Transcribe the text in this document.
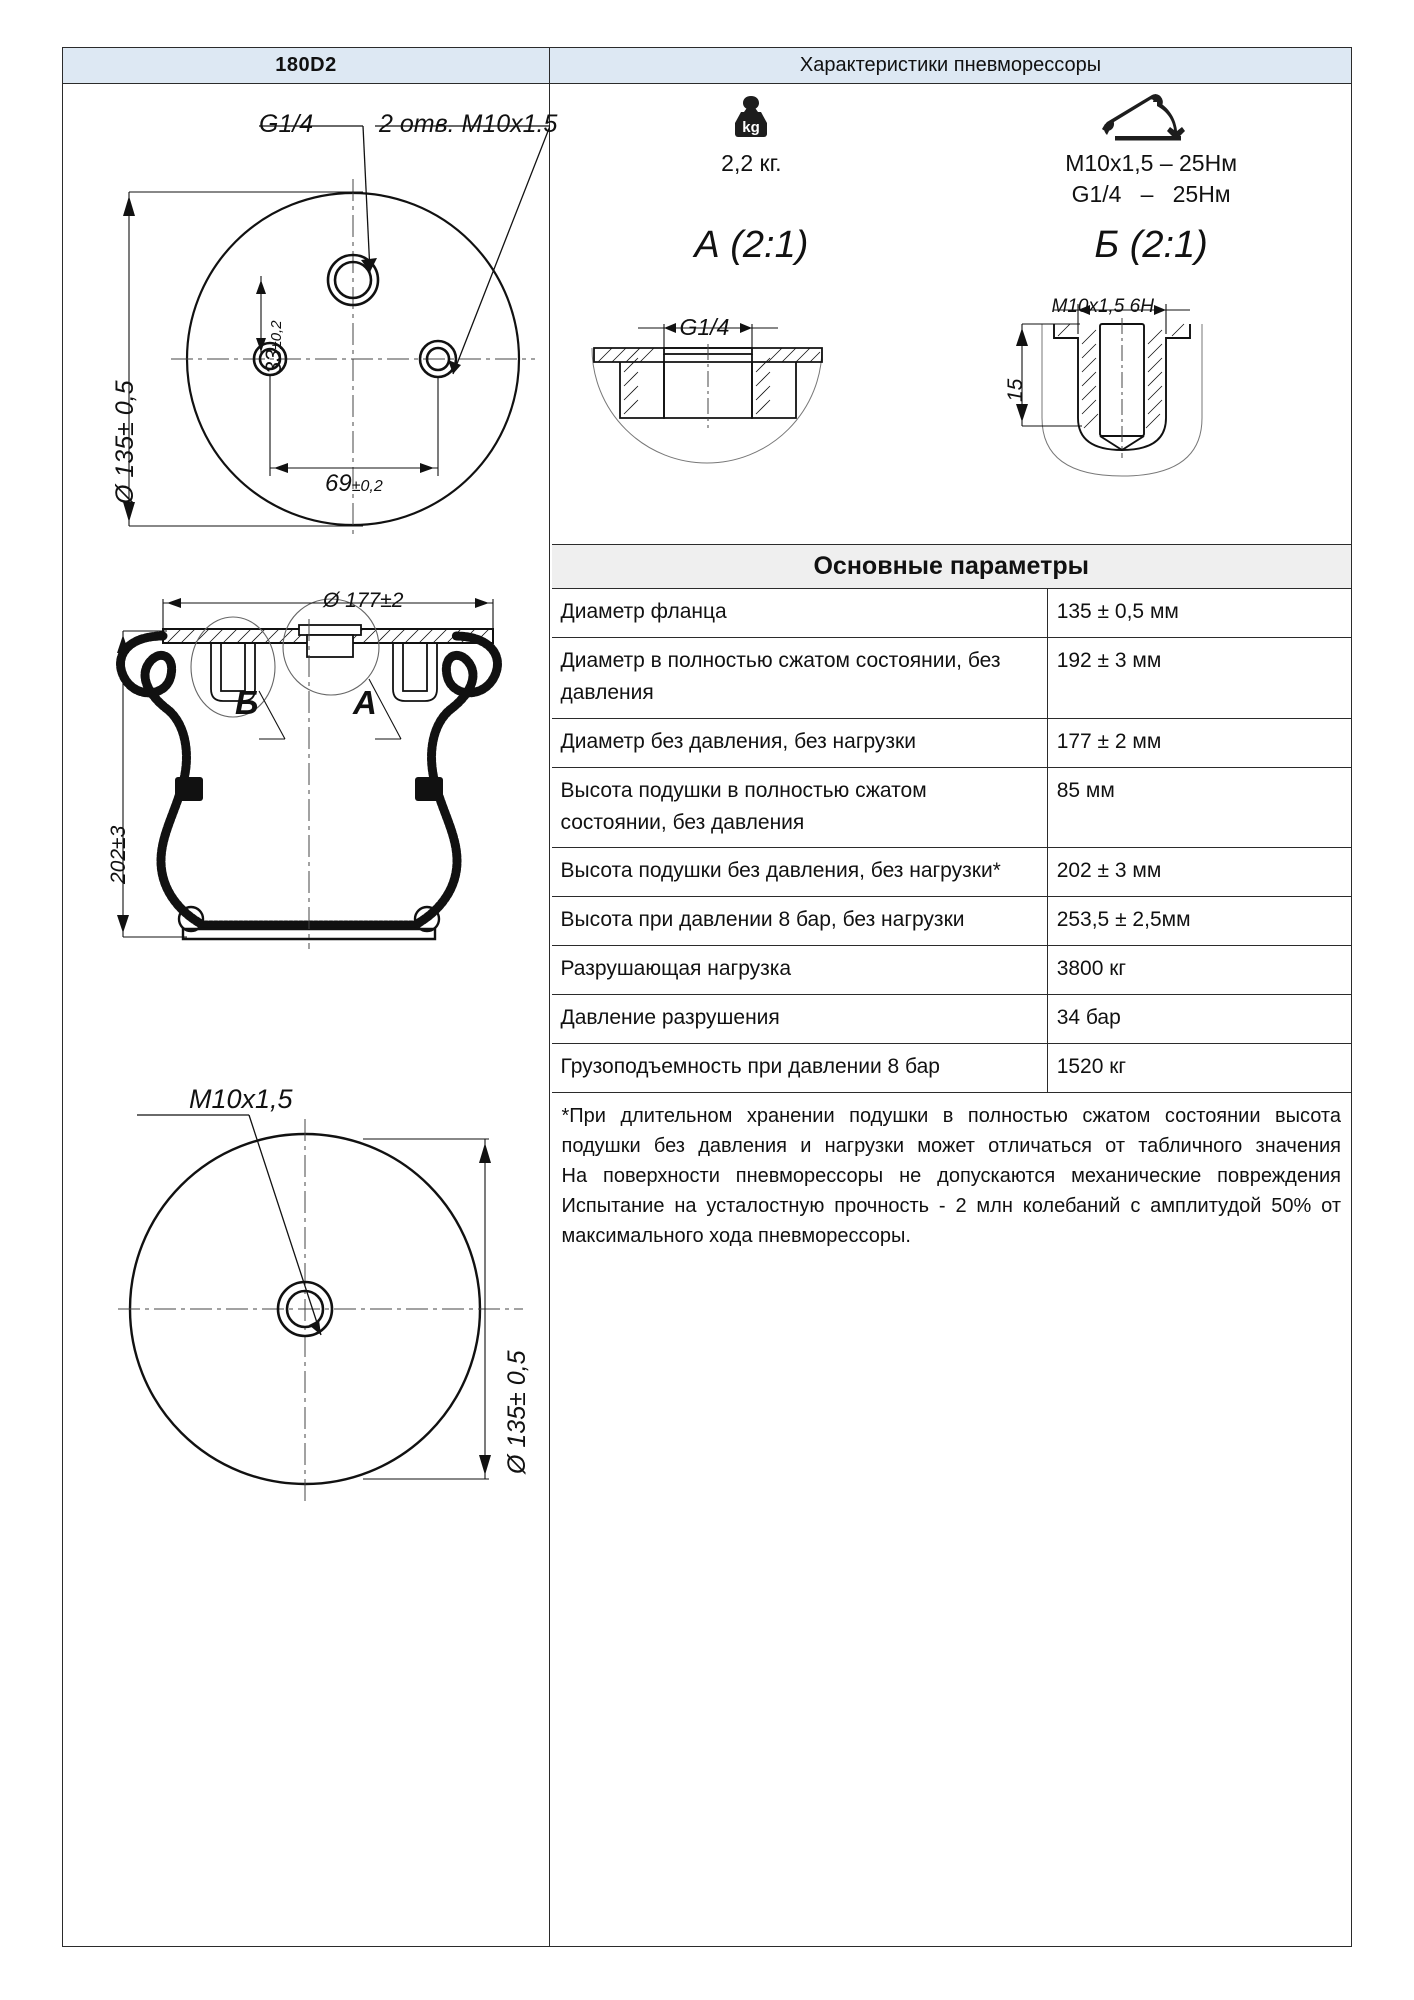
180D2	Характеристики пневморессоры
G1/4	2 отв. M10x1.5
33±0,2
Ø 135± 0,5	69±0,2
Ø 177±2
202±3
Б	А
M10x1,5
Ø 135± 0,5
kg
2,2 кг.	M10x1,5 – 25Нм
G1/4   –   25Нм
А (2:1)	Б (2:1)
G1/4
M10x1,5 6H
15
Основные параметры	
Диаметр фланца	135 ± 0,5 мм
Диаметр в полностью сжатом состоянии, без давления	192 ± 3 мм
Диаметр без давления, без нагрузки	177 ± 2 мм
Высота подушки в полностью сжатом состоянии, без давления	85 мм
Высота подушки без давления, без нагрузки*	202 ± 3 мм
Высота при давлении 8 бар, без нагрузки	253,5 ± 2,5мм
Разрушающая нагрузка	3800 кг
Давление разрушения	34 бар
Грузоподъемность при давлении 8 бар	1520 кг

*При длительном хранении подушки в полностью сжатом состоянии высота подушки без давления и нагрузки может отличаться от табличного значения

На поверхности пневморессоры не допускаются механические повреждения

Испытание на усталостную прочность - 2 млн колебаний с амплитудой 50% от максимального хода пневморессоры.
